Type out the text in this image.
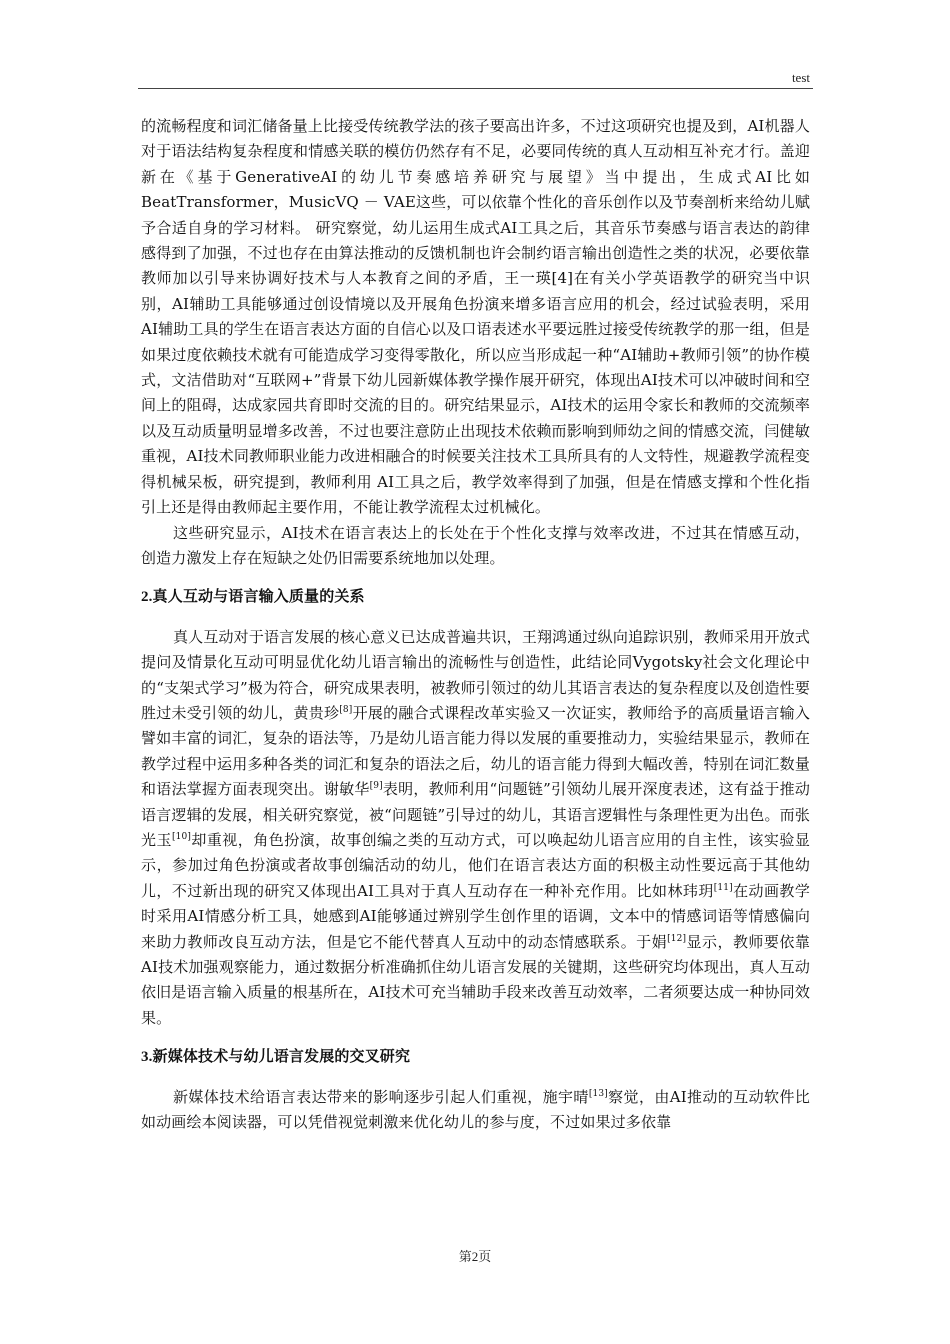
test

的流畅程度和词汇储备量上比接受传统教学法的孩子要高出许多，不过这项研究也提及到，AI机器人对于语法结构复杂程度和情感关联的模仿仍然存有不足，必要同传统的真人互动相互补充才行。盖迎新在《基于GenerativeAI的幼儿节奏感培养研究与展望》当中提出，生成式AI比如BeatTransformer，MusicVQ － VAE这些，可以依靠个性化的音乐创作以及节奏剖析来给幼儿赋予合适自身的学习材料。 研究察觉，幼儿运用生成式AI工具之后，其音乐节奏感与语言表达的韵律感得到了加强，不过也存在由算法推动的反馈机制也许会制约语言输出创造性之类的状况，必要依靠教师加以引导来协调好技术与人本教育之间的矛盾，王一瑛[4]在有关小学英语教学的研究当中识别，AI辅助工具能够通过创设情境以及开展角色扮演来增多语言应用的机会，经过试验表明，采用AI辅助工具的学生在语言表达方面的自信心以及口语表述水平要远胜过接受传统教学的那一组，但是如果过度依赖技术就有可能造成学习变得零散化，所以应当形成起一种“AI辅助+教师引领”的协作模式，文洁借助对“互联网+”背景下幼儿园新媒体教学操作展开研究，体现出AI技术可以冲破时间和空间上的阻碍，达成家园共育即时交流的目的。研究结果显示，AI技术的运用令家长和教师的交流频率以及互动质量明显增多改善，不过也要注意防止出现技术依赖而影响到师幼之间的情感交流，闫健敏重视，AI技术同教师职业能力改进相融合的时候要关注技术工具所具有的人文特性，规避教学流程变得机械呆板，研究提到，教师利用 AI工具之后，教学效率得到了加强，但是在情感支撑和个性化指引上还是得由教师起主要作用，不能让教学流程太过机械化。

这些研究显示，AI技术在语言表达上的长处在于个性化支撑与效率改进，不过其在情感互动，创造力激发上存在短缺之处仍旧需要系统地加以处理。

2.真人互动与语言输入质量的关系

真人互动对于语言发展的核心意义已达成普遍共识，王翔鸿通过纵向追踪识别，教师采用开放式提问及情景化互动可明显优化幼儿语言输出的流畅性与创造性，此结论同Vygotsky社会文化理论中的“支架式学习”极为符合，研究成果表明，被教师引领过的幼儿其语言表达的复杂程度以及创造性要胜过未受引领的幼儿，黄贵珍[8]开展的融合式课程改革实验又一次证实，教师给予的高质量语言输入譬如丰富的词汇，复杂的语法等，乃是幼儿语言能力得以发展的重要推动力，实验结果显示，教师在教学过程中运用多种各类的词汇和复杂的语法之后，幼儿的语言能力得到大幅改善，特别在词汇数量和语法掌握方面表现突出。谢敏华[9]表明，教师利用“问题链”引领幼儿展开深度表述，这有益于推动语言逻辑的发展，相关研究察觉，被“问题链”引导过的幼儿，其语言逻辑性与条理性更为出色。而张光玉[10]却重视，角色扮演，故事创编之类的互动方式，可以唤起幼儿语言应用的自主性，该实验显示，参加过角色扮演或者故事创编活动的幼儿，他们在语言表达方面的积极主动性要远高于其他幼儿，不过新出现的研究又体现出AI工具对于真人互动存在一种补充作用。比如林玮玥[11]在动画教学时采用AI情感分析工具，她感到AI能够通过辨别学生创作里的语调，文本中的情感词语等情感偏向来助力教师改良互动方法，但是它不能代替真人互动中的动态情感联系。于娟[12]显示，教师要依靠AI技术加强观察能力，通过数据分析准确抓住幼儿语言发展的关键期，这些研究均体现出，真人互动依旧是语言输入质量的根基所在，AI技术可充当辅助手段来改善互动效率，二者须要达成一种协同效果。

3.新媒体技术与幼儿语言发展的交叉研究

新媒体技术给语言表达带来的影响逐步引起人们重视，施宇晴[13]察觉，由AI推动的互动软件比如动画绘本阅读器，可以凭借视觉刺激来优化幼儿的参与度，不过如果过多依靠

第2页
